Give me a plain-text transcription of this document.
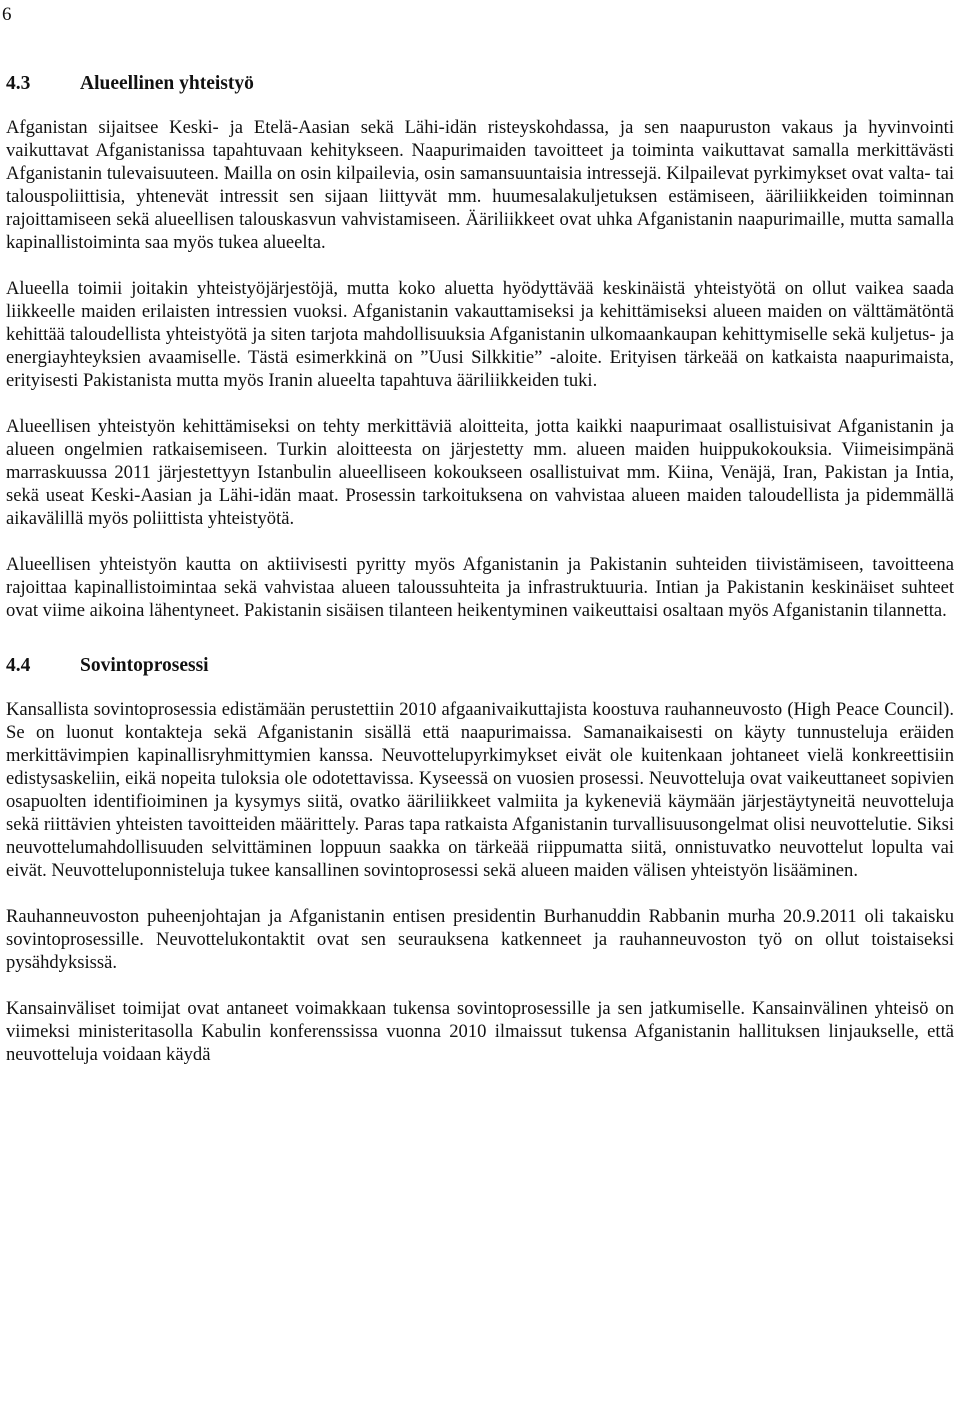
6
4.3	Alueellinen yhteistyö

Afganistan sijaitsee Keski- ja Etelä-Aasian sekä Lähi-idän risteyskohdassa, ja sen naapuruston vakaus ja hyvinvointi vaikuttavat Afganistanissa tapahtuvaan kehitykseen. Naapurimaiden tavoitteet ja toiminta vaikuttavat samalla merkittävästi Afganistanin tulevaisuuteen. Mailla on osin kilpailevia, osin samansuuntaisia intressejä. Kilpailevat pyrkimykset ovat valta- tai talouspoliittisia, yhtenevät intressit sen sijaan liittyvät mm. huumesalakuljetuksen estämiseen, ääriliikkeiden toiminnan rajoittamiseen sekä alueellisen talouskasvun vahvistamiseen. Ääriliikkeet ovat uhka Afganistanin naapurimaille, mutta samalla kapinallistoiminta saa myös tukea alueelta.

Alueella toimii joitakin yhteistyöjärjestöjä, mutta koko aluetta hyödyttävää keskinäistä yhteistyötä on ollut vaikea saada liikkeelle maiden erilaisten intressien vuoksi. Afganistanin vakauttamiseksi ja kehittämiseksi alueen maiden on välttämätöntä kehittää taloudellista yhteistyötä ja siten tarjota mahdollisuuksia Afganistanin ulkomaankaupan kehittymiselle sekä kuljetus- ja energiayhteyksien avaamiselle. Tästä esimerkkinä on ”Uusi Silkkitie” -aloite. Erityisen tärkeää on katkaista naapurimaista, erityisesti Pakistanista mutta myös Iranin alueelta tapahtuva ääriliikkeiden tuki.

Alueellisen yhteistyön kehittämiseksi on tehty merkittäviä aloitteita, jotta kaikki naapurimaat osallistuisivat Afganistanin ja alueen ongelmien ratkaisemiseen. Turkin aloitteesta on järjestetty mm. alueen maiden huippukokouksia. Viimeisimpänä marraskuussa 2011 järjestettyyn Istanbulin alueelliseen kokoukseen osallistuivat mm. Kiina, Venäjä, Iran, Pakistan ja Intia, sekä useat Keski-Aasian ja Lähi-idän maat. Prosessin tarkoituksena on vahvistaa alueen maiden taloudellista ja pidemmällä aikavälillä myös poliittista yhteistyötä.

Alueellisen yhteistyön kautta on aktiivisesti pyritty myös Afganistanin ja Pakistanin suhteiden tiivistämiseen, tavoitteena rajoittaa kapinallistoimintaa sekä vahvistaa alueen taloussuhteita ja infrastruktuuria. Intian ja Pakistanin keskinäiset suhteet ovat viime aikoina lähentyneet. Pakistanin sisäisen tilanteen heikentyminen vaikeuttaisi osaltaan myös Afganistanin tilannetta.

4.4	Sovintoprosessi

Kansallista sovintoprosessia edistämään perustettiin 2010 afgaanivaikuttajista koostuva rauhanneuvosto (High Peace Council). Se on luonut kontakteja sekä Afganistanin sisällä että naapurimaissa. Samanaikaisesti on käyty tunnusteluja eräiden merkittävimpien kapinallisryhmittymien kanssa. Neuvottelupyrkimykset eivät ole kuitenkaan johtaneet vielä konkreettisiin edistysaskeliin, eikä nopeita tuloksia ole odotettavissa. Kyseessä on vuosien prosessi. Neuvotteluja ovat vaikeuttaneet sopivien osapuolten identifioiminen ja kysymys siitä, ovatko ääriliikkeet valmiita ja kykeneviä käymään järjestäytyneitä neuvotteluja sekä riittävien yhteisten tavoitteiden määrittely. Paras tapa ratkaista Afganistanin turvallisuusongelmat olisi neuvottelutie. Siksi neuvottelumahdollisuuden selvittäminen loppuun saakka on tärkeää riippumatta siitä, onnistuvatko neuvottelut lopulta vai eivät. Neuvotteluponnisteluja tukee kansallinen sovintoprosessi sekä alueen maiden välisen yhteistyön lisääminen.

Rauhanneuvoston puheenjohtajan ja Afganistanin entisen presidentin Burhanuddin Rabbanin murha 20.9.2011 oli takaisku sovintoprosessille. Neuvottelukontaktit ovat sen seurauksena katkenneet ja rauhanneuvoston työ on ollut toistaiseksi pysähdyksissä.

Kansainväliset toimijat ovat antaneet voimakkaan tukensa sovintoprosessille ja sen jatkumiselle. Kansainvälinen yhteisö on viimeksi ministeritasolla Kabulin konferenssissa vuonna 2010 ilmaissut tukensa Afganistanin hallituksen linjaukselle, että neuvotteluja voidaan käydä
